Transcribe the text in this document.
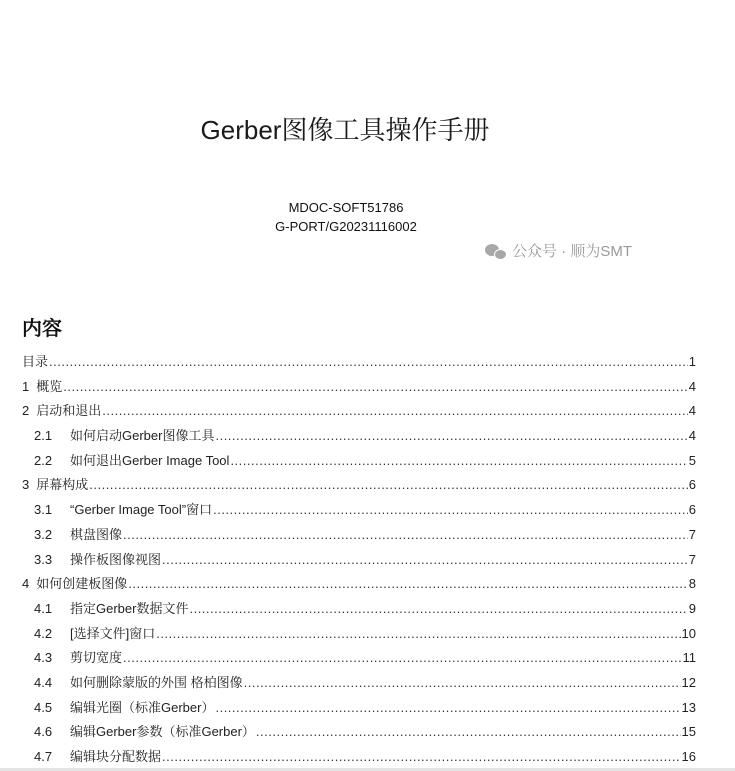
Gerber图像工具操作手册
MDOC-SOFT51786
G-PORT/G20231116002
公众号 · 顺为SMT
内容
目录 .....	1
1 概览 .....	4
2 启动和退出 .....	4
2.1	如何启动Gerber图像工具 .....	4
2.2	如何退出Gerber Image Tool .....	5
3 屏幕构成 .....	6
3.1	“Gerber Image Tool”窗口 .....	6
3.2	棋盘图像 .....	7
3.3	操作板图像视图 .....	7
4 如何创建板图像 .....	8
4.1	指定Gerber数据文件 .....	9
4.2	[选择文件]窗口 .....	10
4.3	剪切宽度 .....	11
4.4	如何删除蒙版的外围 格柏图像 .....	12
4.5	编辑光圈（标准Gerber） .....	13
4.6	编辑Gerber参数（标准Gerber） .....	15
4.7	编辑块分配数据 .....	16
